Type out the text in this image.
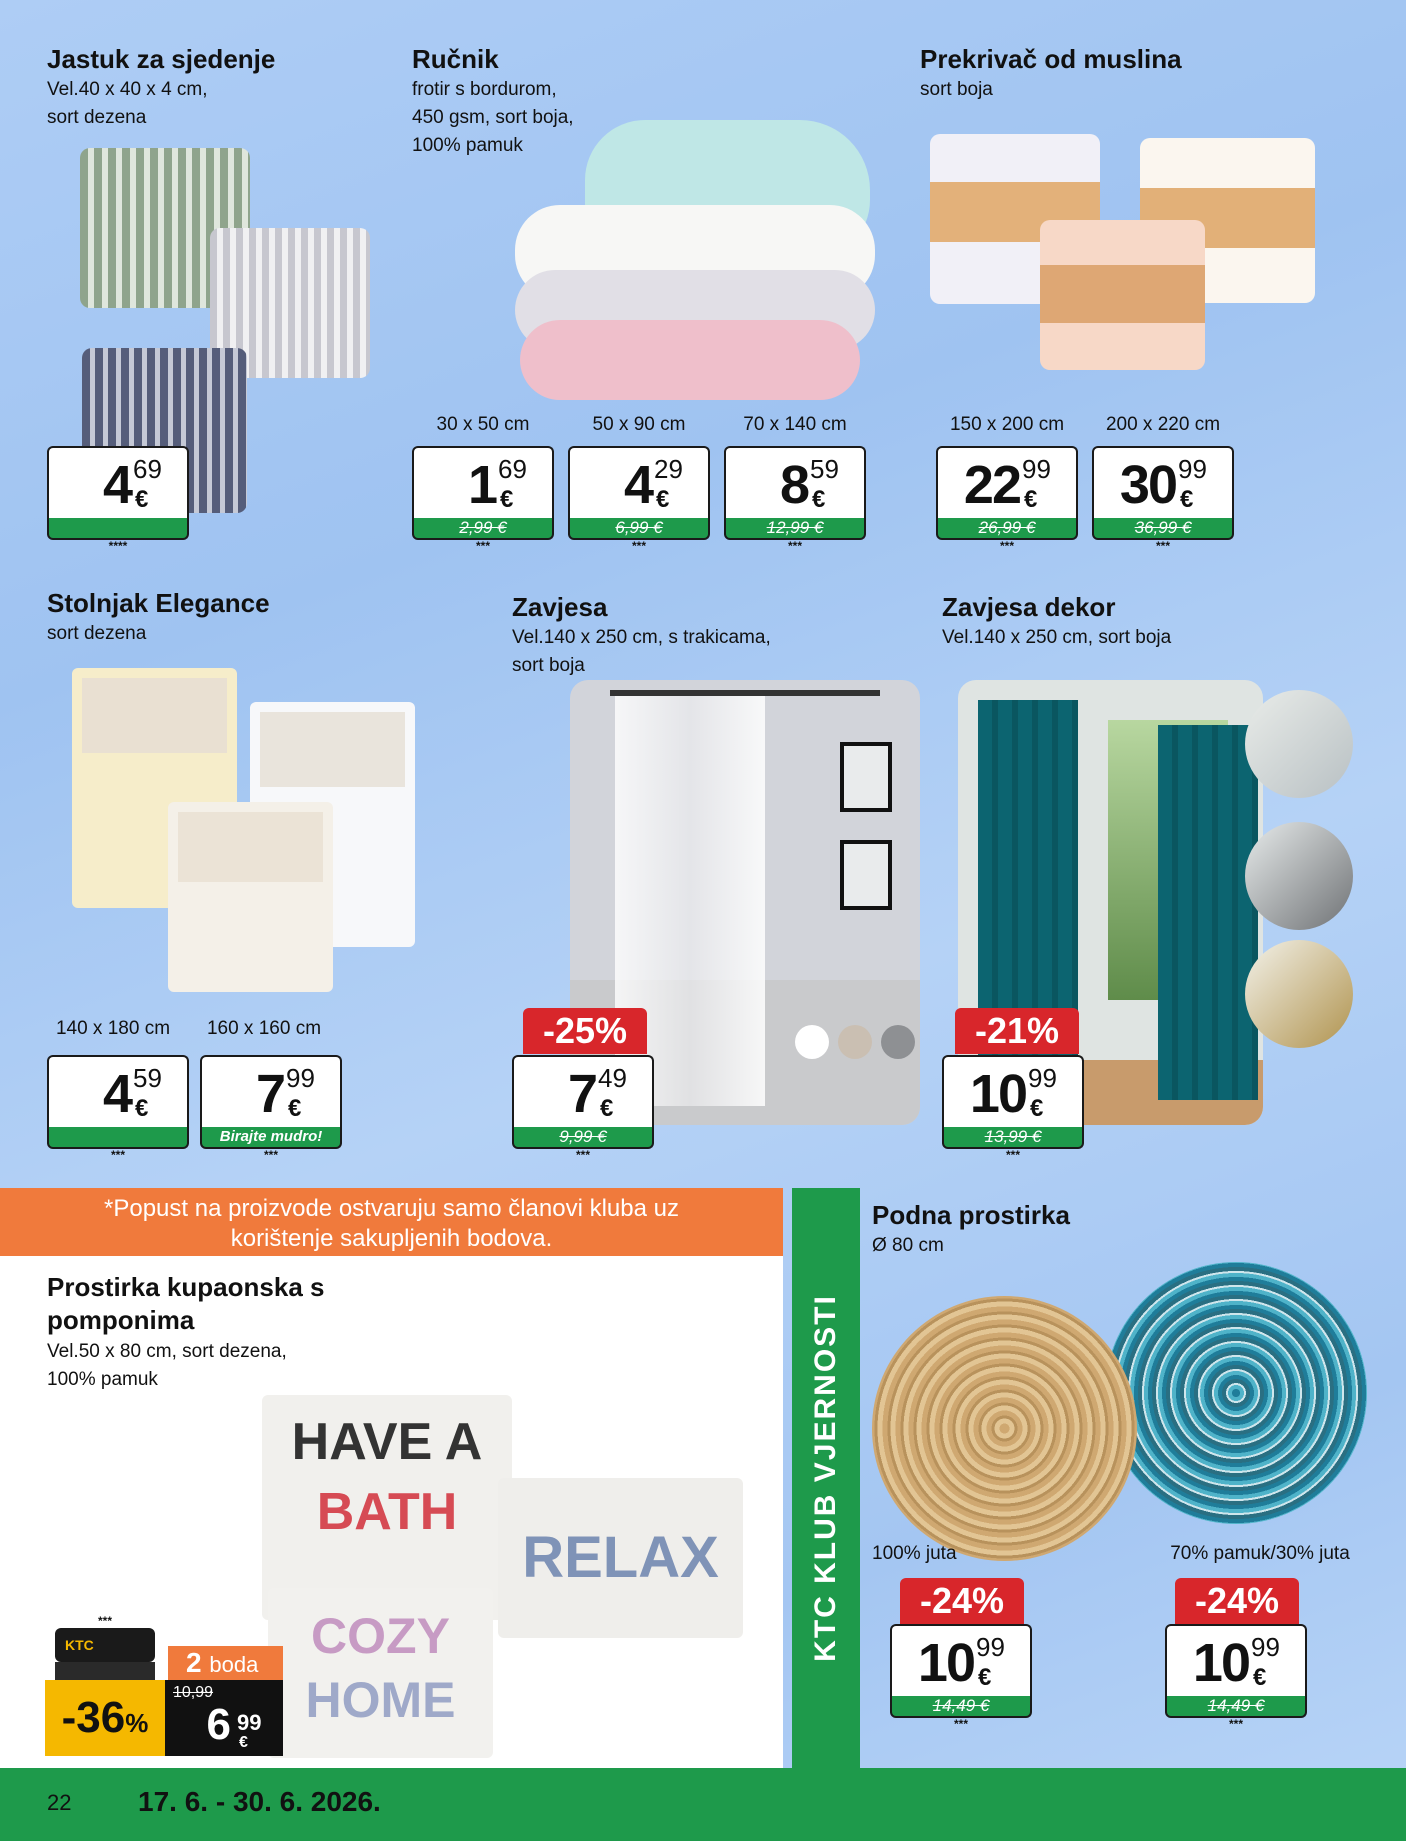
Jastuk za sjedenje
Vel.40 x 40 x 4 cm,
sort dezena
4 69
€
****
Ručnik
frotir s bordurom,
450 gsm, sort boja,
100% pamuk
30 x 50 cm	50 x 90 cm	70 x 140 cm
1 69
€
2,99 €
***
4 29
€
6,99 €
***
8 59
€
12,99 €
***
Prekrivač od muslina
sort boja
150 x 200 cm	200 x 220 cm
22 99
€
26,99 €
***
30 99
€
36,99 €
***
Stolnjak Elegance
sort dezena
140 x 180 cm	160 x 160 cm
4 59
€
***
7 99
€
Birajte mudro!
***
Zavjesa
Vel.140 x 250 cm, s trakicama,
sort boja
-25%
7 49
€
9,99 €
***
Zavjesa dekor
Vel.140 x 250 cm, sort boja
-21%
10 99
€
13,99 €
***
*Popust na proizvode ostvaruju samo članovi kluba uz korištenje sakupljenih bodova.
KTC KLUB VJERNOSTI
Prostirka kupaonska s
pomponima
Vel.50 x 80 cm, sort dezena,
100% pamuk
HAVE A
BATH
RELAX
COZY
HOME
***
KTC
2 boda
-36%
10,99
6 99
€
Podna prostirka
Ø 80 cm
100% juta	70% pamuk/30% juta
-24%	-24%
10 99
€
14,49 €
***
10 99
€
14,49 €
***
22 17. 6. - 30. 6. 2026.
